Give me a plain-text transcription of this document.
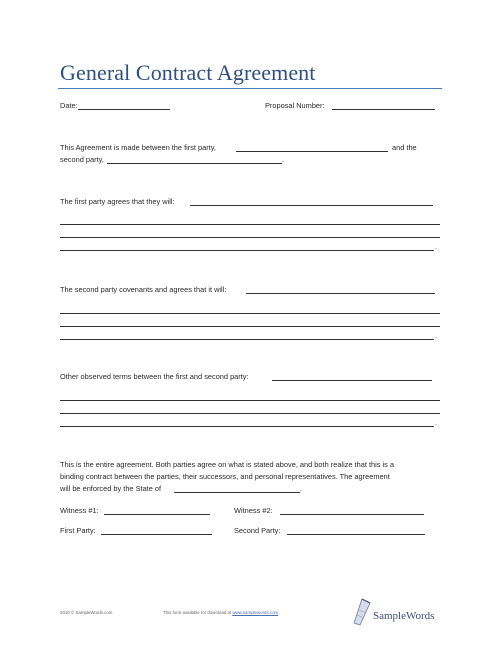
General Contract Agreement
Date:	Proposal Number:
This Agreement is made between the first party,	and the
second party,	.
The first party agrees that they will:
.
The second party covenants and agrees that it will:
.
Other observed terms between the first and second party:
.
This is the entire agreement. Both parties agree on what is stated above, and both realize that this is a
binding contract between the parties, their successors, and personal representatives. The agreement
will be enforced by the State of	.
Witness #1:	Witness #2:
First Party:	Second Party:
2010 © SampleWords.com	This form available for download at www.samplewords.com	SampleWords
